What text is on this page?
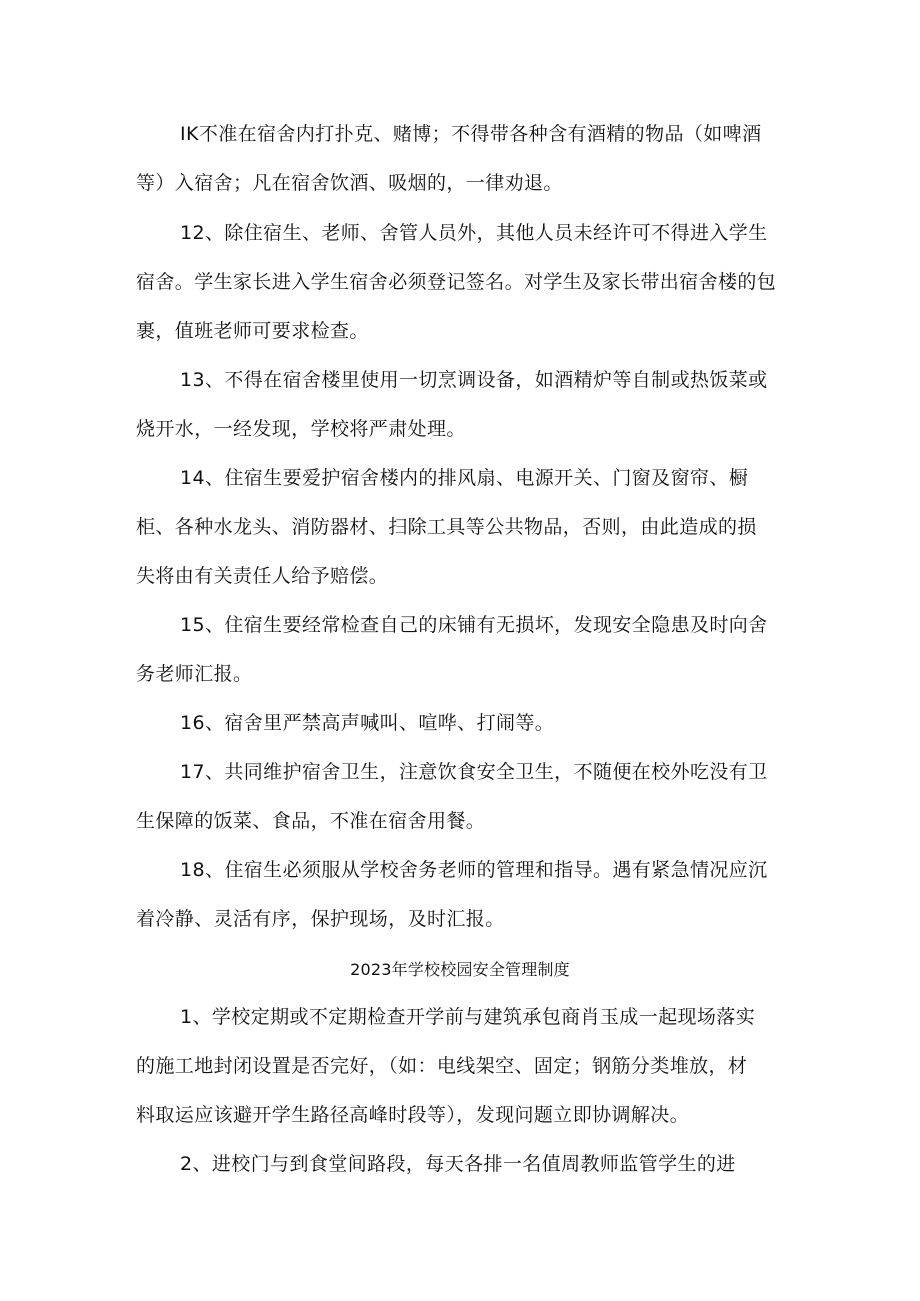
IK不准在宿舍内打扑克、赌博；不得带各种含有酒精的物品（如啤酒
等）入宿舍；凡在宿舍饮酒、吸烟的，一律劝退。
12、除住宿生、老师、舍管人员外，其他人员未经许可不得进入学生
宿舍。学生家长进入学生宿舍必须登记签名。对学生及家长带出宿舍楼的包
裹，值班老师可要求检查。
13、不得在宿舍楼里使用一切烹调设备，如酒精炉等自制或热饭菜或
烧开水，一经发现，学校将严肃处理。
14、住宿生要爱护宿舍楼内的排风扇、电源开关、门窗及窗帘、橱
柜、各种水龙头、消防器材、扫除工具等公共物品，否则，由此造成的损
失将由有关责任人给予赔偿。
15、住宿生要经常检查自己的床铺有无损坏，发现安全隐患及时向舍
务老师汇报。
16、宿舍里严禁高声喊叫、喧哗、打闹等。
17、共同维护宿舍卫生，注意饮食安全卫生，不随便在校外吃没有卫
生保障的饭菜、食品，不准在宿舍用餐。
18、住宿生必须服从学校舍务老师的管理和指导。遇有紧急情况应沉
着冷静、灵活有序，保护现场，及时汇报。
2023年学校校园安全管理制度
1、学校定期或不定期检查开学前与建筑承包商肖玉成一起现场落实
的施工地封闭设置是否完好，（如：电线架空、固定；钢筋分类堆放，材
料取运应该避开学生路径高峰时段等），发现问题立即协调解决。
2、进校门与到食堂间路段，每天各排一名值周教师监管学生的进
